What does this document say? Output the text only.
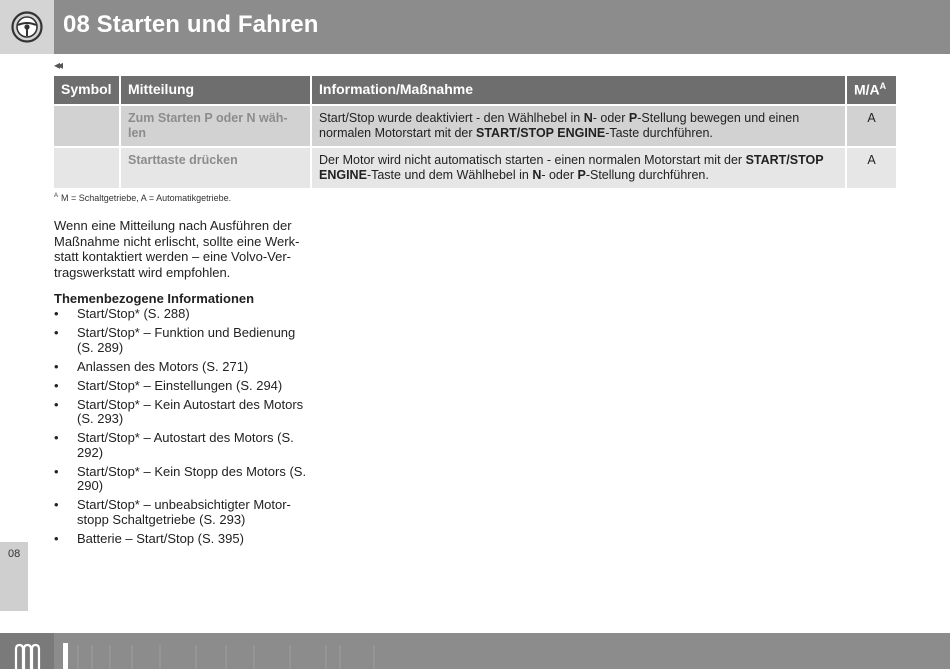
08 Starten und Fahren
◂◂
Symbol	Mitteilung	Information/Maßnahme	$M/A^A$
	Zum Starten P oder N wäh-len	Start/Stop wurde deaktiviert - den Wählhebel in N- oder P-Stellung bewegen und einen normalen Motorstart mit der START/STOP ENGINE-Taste durchführen.	A
	Starttaste drücken	Der Motor wird nicht automatisch starten - einen normalen Motorstart mit der START/STOP ENGINE-Taste und dem Wählhebel in N- oder P-Stellung durchführen.	A
$^A$ M = Schaltgetriebe, A = Automatikgetriebe.

Wenn eine Mitteilung nach Ausführen der Maßnahme nicht erlischt, sollte eine Werk-statt kontaktiert werden – eine Volvo-Ver-tragswerkstatt wird empfohlen.

Themenbezogene Informationen
• Start/Stop* (S. 288)
• Start/Stop* – Funktion und Bedienung (S. 289)
• Anlassen des Motors (S. 271)
• Start/Stop* – Einstellungen (S. 294)
• Start/Stop* – Kein Autostart des Motors (S. 293)
• Start/Stop* – Autostart des Motors (S. 292)
• Start/Stop* – Kein Stopp des Motors (S. 290)
• Start/Stop* – unbeabsichtigter Motor-stopp Schaltgetriebe (S. 293)
• Batterie – Start/Stop (S. 395)
08
